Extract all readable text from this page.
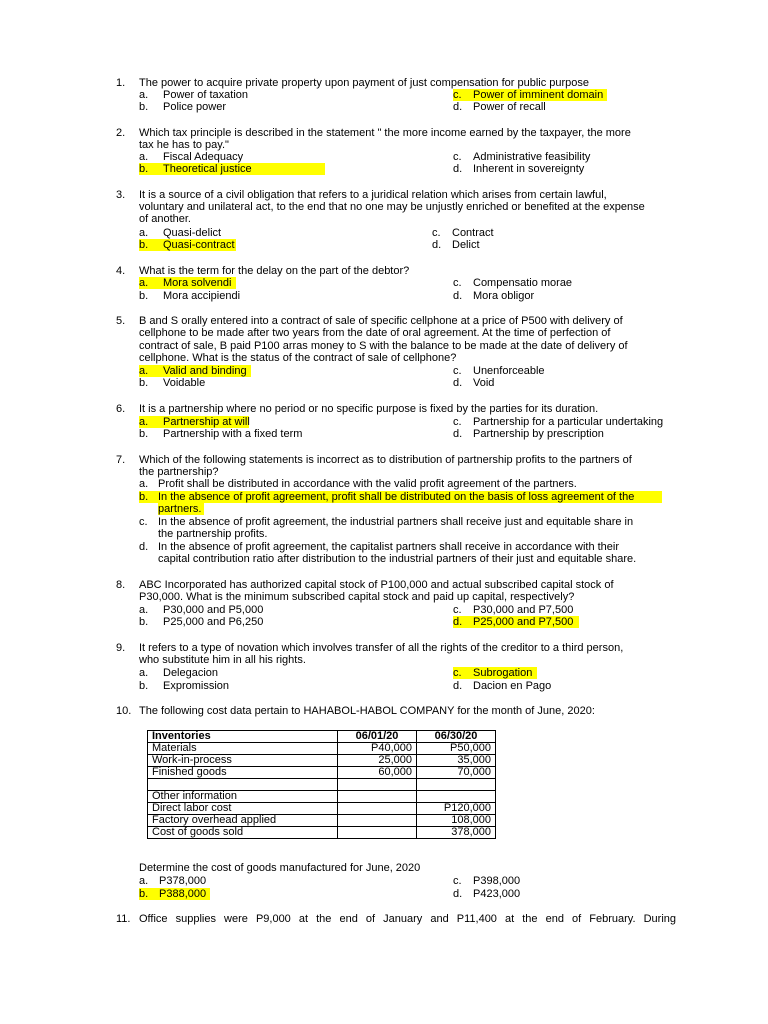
1. The power to acquire private property upon payment of just compensation for public purpose
a. Power of taxation
b. Police power
c. Power of imminent domain
d. Power of recall
2. Which tax principle is described in the statement " the more income earned by the taxpayer, the more
tax he has to pay."
a. Fiscal Adequacy
b. Theoretical justice
c. Administrative feasibility
d. Inherent in sovereignty
3. It is a source of a civil obligation that refers to a juridical relation which arises from certain lawful,
voluntary and unilateral act, to the end that no one may be unjustly enriched or benefited at the expense
of another.
a. Quasi-delict
b. Quasi-contract
c. Contract
d. Delict
4. What is the term for the delay on the part of the debtor?
a. Mora solvendi
b. Mora accipiendi
c. Compensatio morae
d. Mora obligor
5. B and S orally entered into a contract of sale of specific cellphone at a price of P500 with delivery of
cellphone to be made after two years from the date of oral agreement. At the time of perfection of
contract of sale, B paid P100 arras money to S with the balance to be made at the date of delivery of
cellphone. What is the status of the contract of sale of cellphone?
a. Valid and binding
b. Voidable
c. Unenforceable
d. Void
6. It is a partnership where no period or no specific purpose is fixed by the parties for its duration.
a. Partnership at will
b. Partnership with a fixed term
c. Partnership for a particular undertaking
d. Partnership by prescription
7. Which of the following statements is incorrect as to distribution of partnership profits to the partners of
the partnership?
a. Profit shall be distributed in accordance with the valid profit agreement of the partners.
b. In the absence of profit agreement, profit shall be distributed on the basis of loss agreement of the
partners.
c. In the absence of profit agreement, the industrial partners shall receive just and equitable share in
the partnership profits.
d. In the absence of profit agreement, the capitalist partners shall receive in accordance with their
capital contribution ratio after distribution to the industrial partners of their just and equitable share.
8. ABC Incorporated has authorized capital stock of P100,000 and actual subscribed capital stock of
P30,000. What is the minimum subscribed capital stock and paid up capital, respectively?
a. P30,000 and P5,000
b. P25,000 and P6,250
c. P30,000 and P7,500
d. P25,000 and P7,500
9. It refers to a type of novation which involves transfer of all the rights of the creditor to a third person,
who substitute him in all his rights.
a. Delegacion
b. Expromission
c. Subrogation
d. Dacion en Pago
10. The following cost data pertain to HAHABOL-HABOL COMPANY for the month of June, 2020:
Inventories	06/01/20	06/30/20
Materials	P40,000	P50,000
Work-in-process	25,000	35,000
Finished goods	60,000	70,000

Other information		
Direct labor cost		P120,000
Factory overhead applied		108,000
Cost of goods sold		378,000
Determine the cost of goods manufactured for June, 2020
a. P378,000
b. P388,000
c. P398,000
d. P423,000
11. Office supplies were P9,000 at the end of January and P11,400 at the end of February. During
